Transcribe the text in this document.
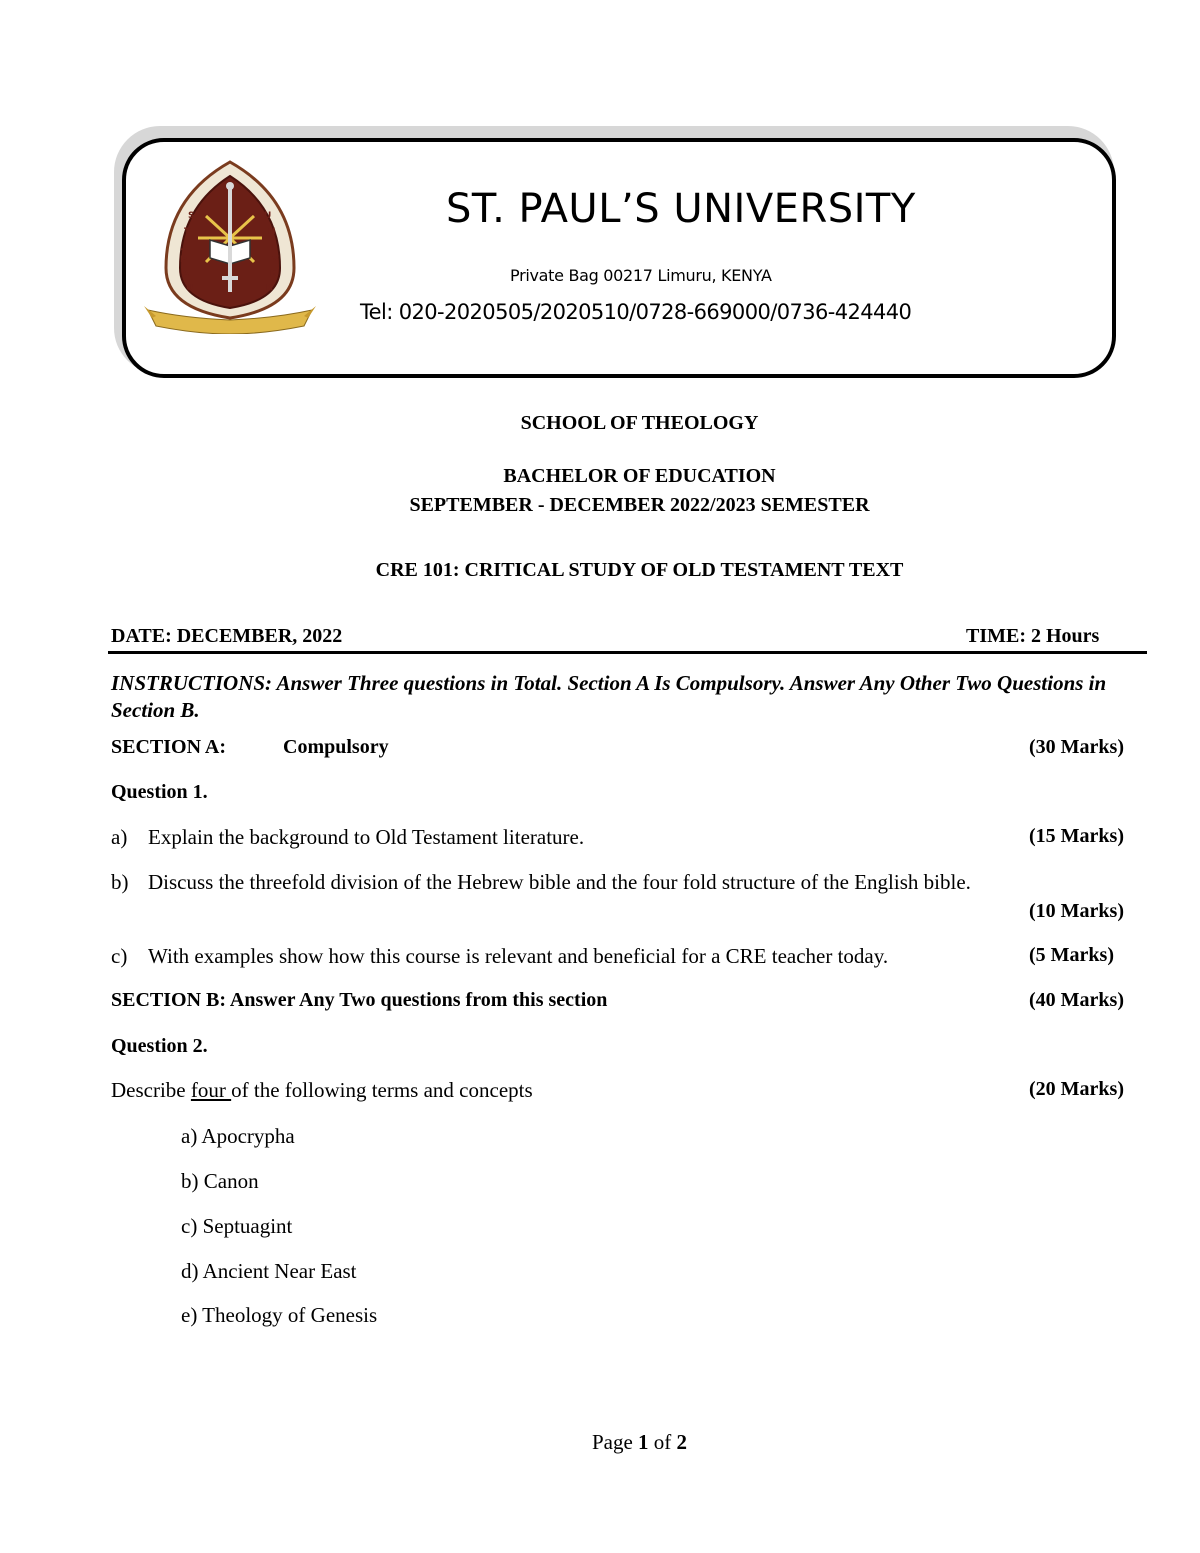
S
T
.
P
A
U
U
N
I
V
E
R
ST. PAUL’S UNIVERSITY
Private Bag 00217 Limuru, KENYA
Tel: 020-2020505/2020510/0728-669000/0736-424440
SCHOOL OF THEOLOGY
BACHELOR OF EDUCATION
SEPTEMBER - DECEMBER 2022/2023 SEMESTER
CRE 101: CRITICAL STUDY OF OLD TESTAMENT TEXT
DATE: DECEMBER, 2022	TIME: 2 Hours
INSTRUCTIONS: Answer Three questions in Total. Section A Is Compulsory. Answer Any Other Two Questions in Section B.
SECTION A:	Compulsory	(30 Marks)
Question 1.
a) Explain the background to Old Testament literature.	(15 Marks)
b) Discuss the threefold division of the Hebrew bible and the four fold structure of the English bible.
(10 Marks)
c) With examples show how this course is relevant and beneficial for a CRE teacher today.	(5 Marks)
SECTION B: Answer Any Two questions from this section	(40 Marks)
Question 2.
Describe four of the following terms and concepts	(20 Marks)
a) Apocrypha
b) Canon
c) Septuagint
d) Ancient Near East
e) Theology of Genesis
Page 1 of 2
